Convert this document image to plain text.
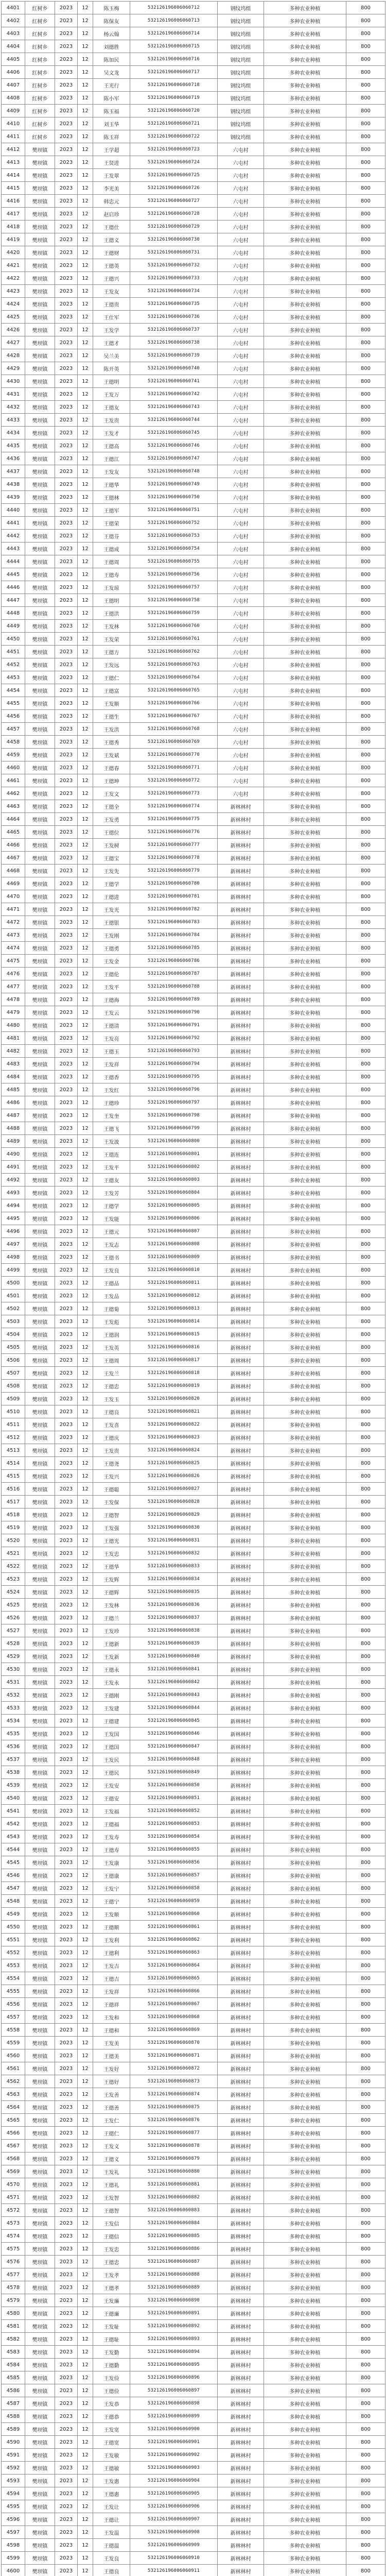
4401	红树乡	2023	12	陈玉梅	532126196006060712	钢纹坞组	多种农业种植	800
4402	红树乡	2023	12	陈保友	532126196006060713	钢纹坞组	多种农业种植	800
4403	红树乡	2023	12	杨云翰	532126196006060714	钢纹坞组	多种农业种植	800
4404	红树乡	2023	12	刘德胜	532126196006060715	钢纹坞组	多种农业种植	800
4405	红树乡	2023	12	陈加民	532126196006060716	钢纹坞组	多种农业种植	800
4406	红树乡	2023	12	吴文龙	532126196006060717	钢纹坞组	多种农业种植	800
4407	红树乡	2023	12	王光行	532126196006060718	钢纹坞组	多种农业种植	800
4408	红树乡	2023	12	陈小军	532126196006060719	钢纹坞组	多种农业种植	800
4409	红树乡	2023	12	陈玉福	532126196006060720	钢纹坞组	多种农业种植	800
4410	红树乡	2023	12	刘玉华	532126196006060721	钢纹坞组	多种农业种植	800
4411	红树乡	2023	12	陈玉祥	532126196006060722	钢纹坞组	多种农业种植	800
4412	樊坝镇	2023	12	王学超	532126196006060723	六屯村	多种农业种植	800
4413	樊坝镇	2023	12	王贤进	532126196006060724	六屯村	多种农业种植	800
4414	樊坝镇	2023	12	王发翠	532126196006060725	六屯村	多种农业种植	800
4415	樊坝镇	2023	12	李光美	532126196006060726	六屯村	多种农业种植	800
4416	樊坝镇	2023	12	韩忠元	532126196006060727	六屯村	多种农业种植	800
4417	樊坝镇	2023	12	赵启珍	532126196006060728	六屯村	多种农业种植	800
4418	樊坝镇	2023	12	王德仕	532126196006060729	六屯村	多种农业种植	800
4419	樊坝镇	2023	12	王德义	532126196006060730	六屯村	多种农业种植	800
4420	樊坝镇	2023	12	王德财	532126196006060731	六屯村	多种农业种植	800
4421	樊坝镇	2023	12	王德英	532126196006060732	六屯村	多种农业种植	800
4422	樊坝镇	2023	12	王德兴	532126196006060733	六屯村	多种农业种植	800
4423	樊坝镇	2023	12	王发友	532126196006060734	六屯村	多种农业种植	800
4424	樊坝镇	2023	12	王德贵	532126196006060735	六屯村	多种农业种植	800
4425	樊坝镇	2023	12	王仕军	532126196006060736	六屯村	多种农业种植	800
4426	樊坝镇	2023	12	王发学	532126196006060737	六屯村	多种农业种植	800
4427	樊坝镇	2023	12	王德才	532126196006060738	六屯村	多种农业种植	800
4428	樊坝镇	2023	12	吴兰美	532126196006060739	六屯村	多种农业种植	800
4429	樊坝镇	2023	12	陈开英	532126196006060740	六屯村	多种农业种植	800
4430	樊坝镇	2023	12	王德明	532126196006060741	六屯村	多种农业种植	800
4431	樊坝镇	2023	12	王发万	532126196006060742	六屯村	多种农业种植	800
4432	樊坝镇	2023	12	王德友	532126196006060743	六屯村	多种农业种植	800
4433	樊坝镇	2023	12	王发贵	532126196006060744	六屯村	多种农业种植	800
4434	樊坝镇	2023	12	王发才	532126196006060745	六屯村	多种农业种植	800
4435	樊坝镇	2023	12	王德高	532126196006060746	六屯村	多种农业种植	800
4436	樊坝镇	2023	12	王德江	532126196006060747	六屯村	多种农业种植	800
4437	樊坝镇	2023	12	王发友	532126196006060748	六屯村	多种农业种植	800
4438	樊坝镇	2023	12	王德华	532126196006060749	六屯村	多种农业种植	800
4439	樊坝镇	2023	12	王德林	532126196006060750	六屯村	多种农业种植	800
4440	樊坝镇	2023	12	王德军	532126196006060751	六屯村	多种农业种植	800
4441	樊坝镇	2023	12	王德荣	532126196006060752	六屯村	多种农业种植	800
4442	樊坝镇	2023	12	王德芬	532126196006060753	六屯村	多种农业种植	800
4443	樊坝镇	2023	12	王德成	532126196006060754	六屯村	多种农业种植	800
4444	樊坝镇	2023	12	王德周	532126196006060755	六屯村	多种农业种植	800
4445	樊坝镇	2023	12	王德寿	532126196006060756	六屯村	多种农业种植	800
4446	樊坝镇	2023	12	王发琼	532126196006060757	六屯村	多种农业种植	800
4447	樊坝镇	2023	12	王德明	532126196006060758	六屯村	多种农业种植	800
4448	樊坝镇	2023	12	王德洪	532126196006060759	六屯村	多种农业种植	800
4449	樊坝镇	2023	12	王发林	532126196006060760	六屯村	多种农业种植	800
4450	樊坝镇	2023	12	王发荣	532126196006060761	六屯村	多种农业种植	800
4451	樊坝镇	2023	12	王德方	532126196006060762	六屯村	多种农业种植	800
4452	樊坝镇	2023	12	王发远	532126196006060763	六屯村	多种农业种植	800
4453	樊坝镇	2023	12	王德仁	532126196006060764	六屯村	多种农业种植	800
4454	樊坝镇	2023	12	王德富	532126196006060765	六屯村	多种农业种植	800
4455	樊坝镇	2023	12	王发顺	532126196006060766	六屯村	多种农业种植	800
4456	樊坝镇	2023	12	王德生	532126196006060767	六屯村	多种农业种植	800
4457	樊坝镇	2023	12	王发洪	532126196006060768	六屯村	多种农业种植	800
4458	樊坝镇	2023	12	王德秀	532126196006060769	六屯村	多种农业种植	800
4459	樊坝镇	2023	12	王发斌	532126196006060770	六屯村	多种农业种植	800
4460	樊坝镇	2023	12	王德春	532126196006060771	六屯村	多种农业种植	800
4461	樊坝镇	2023	12	王德坤	532126196006060772	六屯村	多种农业种植	800
4462	樊坝镇	2023	12	王发文	532126196006060773	六屯村	多种农业种植	800
4463	樊坝镇	2023	12	王德全	532126196006060774	新林林村	多种农业种植	800
4464	樊坝镇	2023	12	王发勇	532126196006060775	新林林村	多种农业种植	800
4465	樊坝镇	2023	12	王德位	532126196006060776	新林林村	多种农业种植	800
4466	樊坝镇	2023	12	王发树	532126196006060777	新林林村	多种农业种植	800
4467	樊坝镇	2023	12	王德宝	532126196006060778	新林林村	多种农业种植	800
4468	樊坝镇	2023	12	王发先	532126196006060779	新林林村	多种农业种植	800
4469	樊坝镇	2023	12	王德学	532126196006060780	新林林村	多种农业种植	800
4470	樊坝镇	2023	12	王德进	532126196006060781	新林林村	多种农业种植	800
4471	樊坝镇	2023	12	王发光	532126196006060782	新林林村	多种农业种植	800
4472	樊坝镇	2023	12	王德银	532126196006060783	新林林村	多种农业种植	800
4473	樊坝镇	2023	12	王发刚	532126196006060784	新林林村	多种农业种植	800
4474	樊坝镇	2023	12	王德勇	532126196006060785	新林林村	多种农业种植	800
4475	樊坝镇	2023	12	王发金	532126196006060786	新林林村	多种农业种植	800
4476	樊坝镇	2023	12	王德伦	532126196006060787	新林林村	多种农业种植	800
4477	樊坝镇	2023	12	王发平	532126196006060788	新林林村	多种农业种植	800
4478	樊坝镇	2023	12	王德海	532126196006060789	新林林村	多种农业种植	800
4479	樊坝镇	2023	12	王发云	532126196006060790	新林林村	多种农业种植	800
4480	樊坝镇	2023	12	王德清	532126196006060791	新林林村	多种农业种植	800
4481	樊坝镇	2023	12	王发亮	532126196006060792	新林林村	多种农业种植	800
4482	樊坝镇	2023	12	王德玉	532126196006060793	新林林村	多种农业种植	800
4483	樊坝镇	2023	12	王发祥	532126196006060794	新林林村	多种农业种植	800
4484	樊坝镇	2023	12	王德香	532126196006060795	新林林村	多种农业种植	800
4485	樊坝镇	2023	12	王发红	532126196006060796	新林林村	多种农业种植	800
4486	樊坝镇	2023	12	王德珍	532126196006060797	新林林村	多种农业种植	800
4487	樊坝镇	2023	12	王发奎	532126196006060798	新林林村	多种农业种植	800
4488	樊坝镇	2023	12	王德飞	532126196006060799	新林林村	多种农业种植	800
4489	樊坝镇	2023	12	王发波	532126196006060800	新林林村	多种农业种植	800
4490	樊坝镇	2023	12	王德连	532126196006060801	新林林村	多种农业种植	800
4491	樊坝镇	2023	12	王发平	532126196006060802	新林林村	多种农业种植	800
4492	樊坝镇	2023	12	王德友	532126196006060803	新林林村	多种农业种植	800
4493	樊坝镇	2023	12	王发芳	532126196006060804	新林林村	多种农业种植	800
4494	樊坝镇	2023	12	王德学	532126196006060805	新林林村	多种农业种植	800
4495	樊坝镇	2023	12	王发能	532126196006060806	新林林村	多种农业种植	800
4496	樊坝镇	2023	12	王德元	532126196006060807	新林林村	多种农业种植	800
4497	樊坝镇	2023	12	王发志	532126196006060808	新林林村	多种农业种植	800
4498	樊坝镇	2023	12	王德书	532126196006060809	新林林村	多种农业种植	800
4499	樊坝镇	2023	12	王发良	532126196006060810	新林林村	多种农业种植	800
4500	樊坝镇	2023	12	王德品	532126196006060811	新林林村	多种农业种植	800
4501	樊坝镇	2023	12	王发品	532126196006060812	新林林村	多种农业种植	800
4502	樊坝镇	2023	12	王德菊	532126196006060813	新林林村	多种农业种植	800
4503	樊坝镇	2023	12	王发彪	532126196006060814	新林林村	多种农业种植	800
4504	樊坝镇	2023	12	王德润	532126196006060815	新林林村	多种农业种植	800
4505	樊坝镇	2023	12	王发英	532126196006060816	新林林村	多种农业种植	800
4506	樊坝镇	2023	12	王德周	532126196006060817	新林林村	多种农业种植	800
4507	樊坝镇	2023	12	王发兰	532126196006060818	新林林村	多种农业种植	800
4508	樊坝镇	2023	12	王德忠	532126196006060819	新林林村	多种农业种植	800
4509	樊坝镇	2023	12	王发玉	532126196006060820	新林林村	多种农业种植	800
4510	樊坝镇	2023	12	王德良	532126196006060821	新林林村	多种农业种植	800
4511	樊坝镇	2023	12	王发喜	532126196006060822	新林林村	多种农业种植	800
4512	樊坝镇	2023	12	王德庆	532126196006060823	新林林村	多种农业种植	800
4513	樊坝镇	2023	12	王发贵	532126196006060824	新林林村	多种农业种植	800
4514	樊坝镇	2023	12	王德尧	532126196006060825	新林林村	多种农业种植	800
4515	樊坝镇	2023	12	王发兴	532126196006060826	新林林村	多种农业种植	800
4516	樊坝镇	2023	12	王德聪	532126196006060827	新林林村	多种农业种植	800
4517	樊坝镇	2023	12	王发保	532126196006060828	新林林村	多种农业种植	800
4518	樊坝镇	2023	12	王德智	532126196006060829	新林林村	多种农业种植	800
4519	樊坝镇	2023	12	王发强	532126196006060830	新林林村	多种农业种植	800
4520	樊坝镇	2023	12	王德光	532126196006060831	新林林村	多种农业种植	800
4521	樊坝镇	2023	12	王发忠	532126196006060832	新林林村	多种农业种植	800
4522	樊坝镇	2023	12	王德华	532126196006060833	新林林村	多种农业种植	800
4523	樊坝镇	2023	12	王发辉	532126196006060834	新林林村	多种农业种植	800
4524	樊坝镇	2023	12	王德辉	532126196006060835	新林林村	多种农业种植	800
4525	樊坝镇	2023	12	王发林	532126196006060836	新林林村	多种农业种植	800
4526	樊坝镇	2023	12	王德兰	532126196006060837	新林林村	多种农业种植	800
4527	樊坝镇	2023	12	王发珍	532126196006060838	新林林村	多种农业种植	800
4528	樊坝镇	2023	12	王德新	532126196006060839	新林林村	多种农业种植	800
4529	樊坝镇	2023	12	王发新	532126196006060840	新林林村	多种农业种植	800
4530	樊坝镇	2023	12	王德永	532126196006060841	新林林村	多种农业种植	800
4531	樊坝镇	2023	12	王发永	532126196006060842	新林林村	多种农业种植	800
4532	樊坝镇	2023	12	王德刚	532126196006060843	新林林村	多种农业种植	800
4533	樊坝镇	2023	12	王发建	532126196006060844	新林林村	多种农业种植	800
4534	樊坝镇	2023	12	王德建	532126196006060845	新林林村	多种农业种植	800
4535	樊坝镇	2023	12	王发国	532126196006060846	新林林村	多种农业种植	800
4536	樊坝镇	2023	12	王德国	532126196006060847	新林林村	多种农业种植	800
4537	樊坝镇	2023	12	王发民	532126196006060848	新林林村	多种农业种植	800
4538	樊坝镇	2023	12	王德民	532126196006060849	新林林村	多种农业种植	800
4539	樊坝镇	2023	12	王发安	532126196006060850	新林林村	多种农业种植	800
4540	樊坝镇	2023	12	王德安	532126196006060851	新林林村	多种农业种植	800
4541	樊坝镇	2023	12	王发福	532126196006060852	新林林村	多种农业种植	800
4542	樊坝镇	2023	12	王德福	532126196006060853	新林林村	多种农业种植	800
4543	樊坝镇	2023	12	王发寿	532126196006060854	新林林村	多种农业种植	800
4544	樊坝镇	2023	12	王德寿	532126196006060855	新林林村	多种农业种植	800
4545	樊坝镇	2023	12	王发康	532126196006060856	新林林村	多种农业种植	800
4546	樊坝镇	2023	12	王德康	532126196006060857	新林林村	多种农业种植	800
4547	樊坝镇	2023	12	王发宁	532126196006060858	新林林村	多种农业种植	800
4548	樊坝镇	2023	12	王德宁	532126196006060859	新林林村	多种农业种植	800
4549	樊坝镇	2023	12	王发顺	532126196006060860	新林林村	多种农业种植	800
4550	樊坝镇	2023	12	王德顺	532126196006060861	新林林村	多种农业种植	800
4551	樊坝镇	2023	12	王发利	532126196006060862	新林林村	多种农业种植	800
4552	樊坝镇	2023	12	王德利	532126196006060863	新林林村	多种农业种植	800
4553	樊坝镇	2023	12	王发吉	532126196006060864	新林林村	多种农业种植	800
4554	樊坝镇	2023	12	王德吉	532126196006060865	新林林村	多种农业种植	800
4555	樊坝镇	2023	12	王发祥	532126196006060866	新林林村	多种农业种植	800
4556	樊坝镇	2023	12	王德祥	532126196006060867	新林林村	多种农业种植	800
4557	樊坝镇	2023	12	王发和	532126196006060868	新林林村	多种农业种植	800
4558	樊坝镇	2023	12	王德和	532126196006060869	新林林村	多种农业种植	800
4559	樊坝镇	2023	12	王发美	532126196006060870	新林林村	多种农业种植	800
4560	樊坝镇	2023	12	王德美	532126196006060871	新林林村	多种农业种植	800
4561	樊坝镇	2023	12	王发好	532126196006060872	新林林村	多种农业种植	800
4562	樊坝镇	2023	12	王德好	532126196006060873	新林林村	多种农业种植	800
4563	樊坝镇	2023	12	王发善	532126196006060874	新林林村	多种农业种植	800
4564	樊坝镇	2023	12	王德善	532126196006060875	新林林村	多种农业种植	800
4565	樊坝镇	2023	12	王发仁	532126196006060876	新林林村	多种农业种植	800
4566	樊坝镇	2023	12	王德仁	532126196006060877	新林林村	多种农业种植	800
4567	樊坝镇	2023	12	王发义	532126196006060878	新林林村	多种农业种植	800
4568	樊坝镇	2023	12	王德义	532126196006060879	新林林村	多种农业种植	800
4569	樊坝镇	2023	12	王发礼	532126196006060880	新林林村	多种农业种植	800
4570	樊坝镇	2023	12	王德礼	532126196006060881	新林林村	多种农业种植	800
4571	樊坝镇	2023	12	王发智	532126196006060882	新林林村	多种农业种植	800
4572	樊坝镇	2023	12	王德智	532126196006060883	新林林村	多种农业种植	800
4573	樊坝镇	2023	12	王发信	532126196006060884	新林林村	多种农业种植	800
4574	樊坝镇	2023	12	王德信	532126196006060885	新林林村	多种农业种植	800
4575	樊坝镇	2023	12	王发忠	532126196006060886	新林林村	多种农业种植	800
4576	樊坝镇	2023	12	王德忠	532126196006060887	新林林村	多种农业种植	800
4577	樊坝镇	2023	12	王发孝	532126196006060888	新林林村	多种农业种植	800
4578	樊坝镇	2023	12	王德孝	532126196006060889	新林林村	多种农业种植	800
4579	樊坝镇	2023	12	王发廉	532126196006060890	新林林村	多种农业种植	800
4580	樊坝镇	2023	12	王德廉	532126196006060891	新林林村	多种农业种植	800
4581	樊坝镇	2023	12	王发耻	532126196006060892	新林林村	多种农业种植	800
4582	樊坝镇	2023	12	王德耻	532126196006060893	新林林村	多种农业种植	800
4583	樊坝镇	2023	12	王发勤	532126196006060894	新林林村	多种农业种植	800
4584	樊坝镇	2023	12	王德勤	532126196006060895	新林林村	多种农业种植	800
4585	樊坝镇	2023	12	王发俭	532126196006060896	新林林村	多种农业种植	800
4586	樊坝镇	2023	12	王德俭	532126196006060897	新林林村	多种农业种植	800
4587	樊坝镇	2023	12	王发恭	532126196006060898	新林林村	多种农业种植	800
4588	樊坝镇	2023	12	王德恭	532126196006060899	新林林村	多种农业种植	800
4589	樊坝镇	2023	12	王发宽	532126196006060900	新林林村	多种农业种植	800
4590	樊坝镇	2023	12	王德宽	532126196006060901	新林林村	多种农业种植	800
4591	樊坝镇	2023	12	王发敏	532126196006060902	新林林村	多种农业种植	800
4592	樊坝镇	2023	12	王德敏	532126196006060903	新林林村	多种农业种植	800
4593	樊坝镇	2023	12	王发惠	532126196006060904	新林林村	多种农业种植	800
4594	樊坝镇	2023	12	王德惠	532126196006060905	新林林村	多种农业种植	800
4595	樊坝镇	2023	12	王发让	532126196006060906	新林林村	多种农业种植	800
4596	樊坝镇	2023	12	王德让	532126196006060907	新林林村	多种农业种植	800
4597	樊坝镇	2023	12	王发温	532126196006060908	新林林村	多种农业种植	800
4598	樊坝镇	2023	12	王德温	532126196006060909	新林林村	多种农业种植	800
4599	樊坝镇	2023	12	王发良	532126196006060910	新林林村	多种农业种植	800
4600	樊坝镇	2023	12	王德良	532126196006060911	新林林村	多种农业种植	800
